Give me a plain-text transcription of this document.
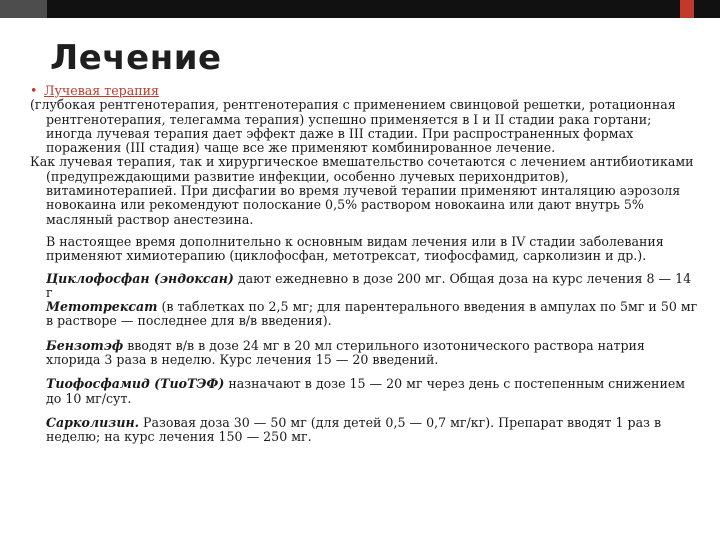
Лечение
• Лучевая терапия

(глубокая рентгенотерапия, рентгенотерапия с применением свинцовой решетки, ротационная рентгенотерапия, телегамма терапия) успешно применяется в I и II стадии рака гортани; иногда лучевая терапия дает эффект даже в III стадии. При распространенных формах поражения (III стадия) чаще все же применяют комбинированное лечение.

Как лучевая терапия, так и хирургическое вмешательство сочетаются с лечением антибиотиками (предупреждающими развитие инфекции, особенно лучевых перихондритов), витаминотерапией. При дисфагии во время лучевой терапии применяют инталяцию аэрозоля новокаина или рекомендуют полоскание 0,5% раствором новокаина или дают внутрь 5% масляный раствор анестезина.

В настоящее время дополнительно к основным видам лечения или в IV стадии заболевания применяют химиотерапию (циклофосфан, метотрексат, тиофосфамид, сарколизин и др.).

Циклофосфан (эндоксан) дают ежедневно в дозе 200 мг. Общая доза на курс лечения 8 — 14 г
Метотрексат (в таблетках по 2,5 мг; для парентерального введения в ампулах по 5мг и 50 мг в растворе — последнее для в/в введения).
Бензотэф вводят в/в в дозе 24 мг в 20 мл стерильного изотонического раствора натрия хлорида 3 раза в неделю. Курс лечения 15 — 20 введений.
Тиофосфамид (ТиоТЭФ) назначают в дозе 15 — 20 мг через день с постепенным снижением до 10 мг/сут.
Сарколизин. Разовая доза 30 — 50 мг (для детей 0,5 — 0,7 мг/кг). Препарат вводят 1 раз в неделю; на курс лечения 150 — 250 мг.
